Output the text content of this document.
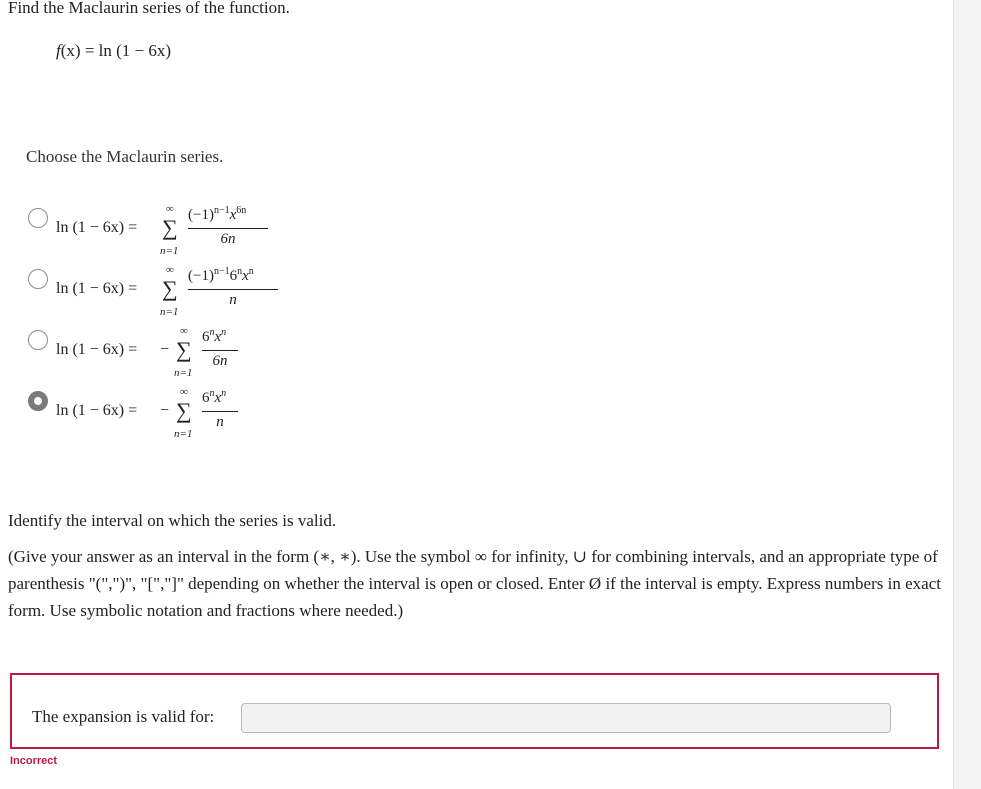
Find the Maclaurin series of the function.
f(x) = ln (1 − 6x)
Choose the Maclaurin series.
ln (1 − 6x) =
∞
∑
n=1
$(-1)^{n-1}x^{6n}$
6n
ln (1 − 6x) =
∞
∑
n=1
$(-1)^{n-1}6^nx^n$
n
ln (1 − 6x) = −
∞
∑
n=1
$6^nx^n$
6n
ln (1 − 6x) = −
∞
∑
n=1
$6^nx^n$
n
Identify the interval on which the series is valid.
(Give your answer as an interval in the form (∗, ∗). Use the symbol ∞ for infinity, ∪ for combining intervals, and an appropriate type of parenthesis "(",")", "[","]" depending on whether the interval is open or closed. Enter Ø if the interval is empty. Express numbers in exact form. Use symbolic notation and fractions where needed.)
The expansion is valid for:
Incorrect
